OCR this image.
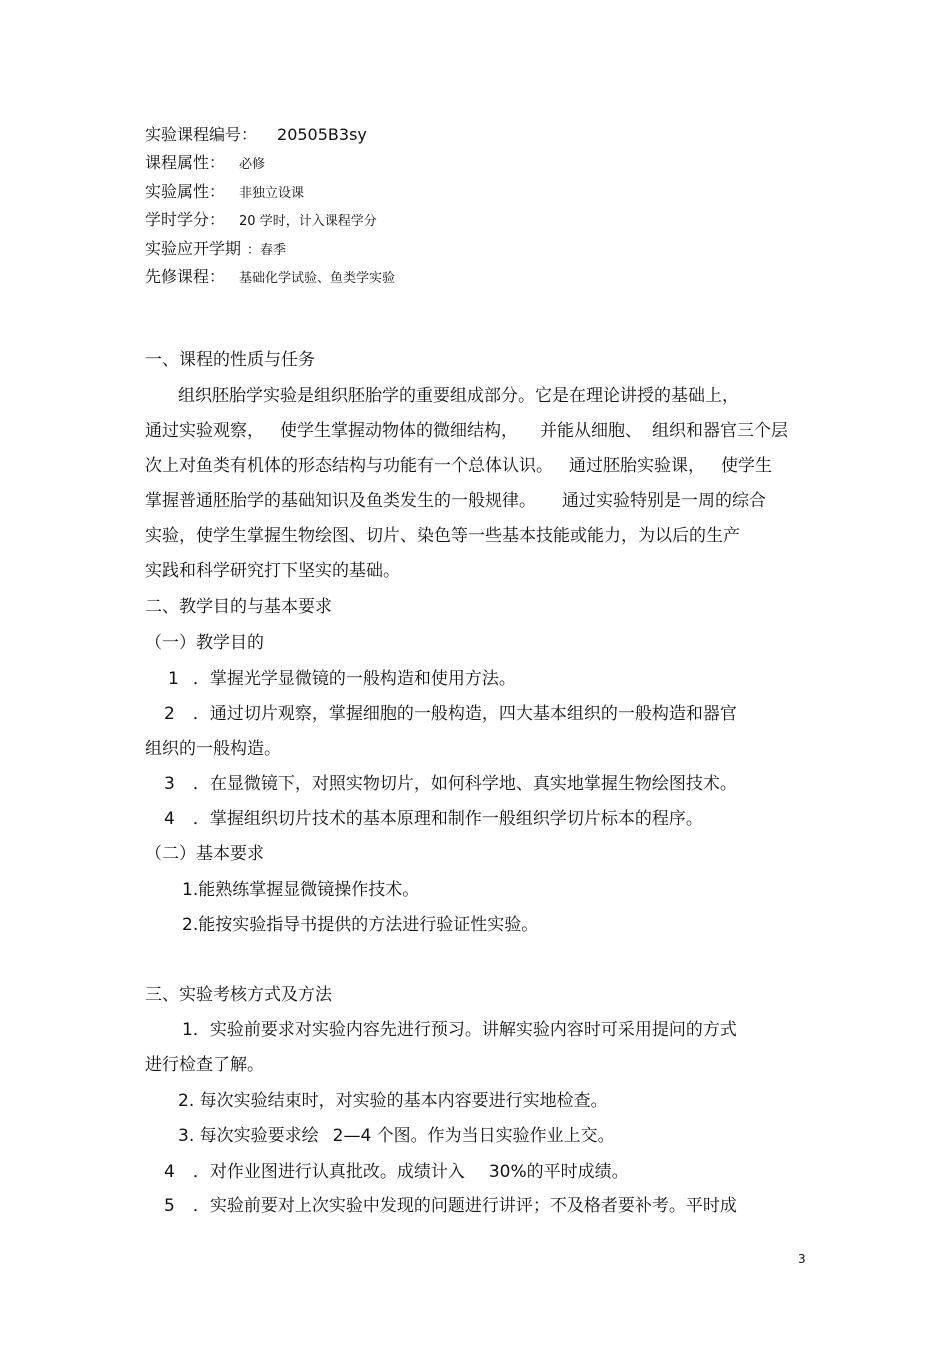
实验课程编号： 20505B3sy
课程属性： 必修
实验属性： 非独立设课
学时学分： 20 学时，计入课程学分
实验应开学期 ：春季
先修课程： 基础化学试验、鱼类学实验
一、课程的性质与任务
组织胚胎学实验是组织胚胎学的重要组成部分。它是在理论讲授的基础上，
通过实验观察， 使学生掌握动物体的微细结构， 并能从细胞、 组织和器官三个层
次上对鱼类有机体的形态结构与功能有一个总体认识。 通过胚胎实验课， 使学生
掌握普通胚胎学的基础知识及鱼类发生的一般规律。 通过实验特别是一周的综合
实验，使学生掌握生物绘图、切片、染色等一些基本技能或能力，为以后的生产
实践和科学研究打下坚实的基础。
二、教学目的与基本要求
（一）教学目的
1 ．掌握光学显微镜的一般构造和使用方法。
2 ．通过切片观察，掌握细胞的一般构造，四大基本组织的一般构造和器官
组织的一般构造。
3 ．在显微镜下，对照实物切片，如何科学地、真实地掌握生物绘图技术。
4 ．掌握组织切片技术的基本原理和制作一般组织学切片标本的程序。
（二）基本要求
1.能熟练掌握显微镜操作技术。
2.能按实验指导书提供的方法进行验证性实验。
三、实验考核方式及方法
1．实验前要求对实验内容先进行预习。讲解实验内容时可采用提问的方式
进行检查了解。
2. 每次实验结束时，对实验的基本内容要进行实地检查。
3. 每次实验要求绘 2—4 个图。作为当日实验作业上交。
4 ．对作业图进行认真批改。成绩计入 30%的平时成绩。
5 ．实验前要对上次实验中发现的问题进行讲评；不及格者要补考。平时成
3
